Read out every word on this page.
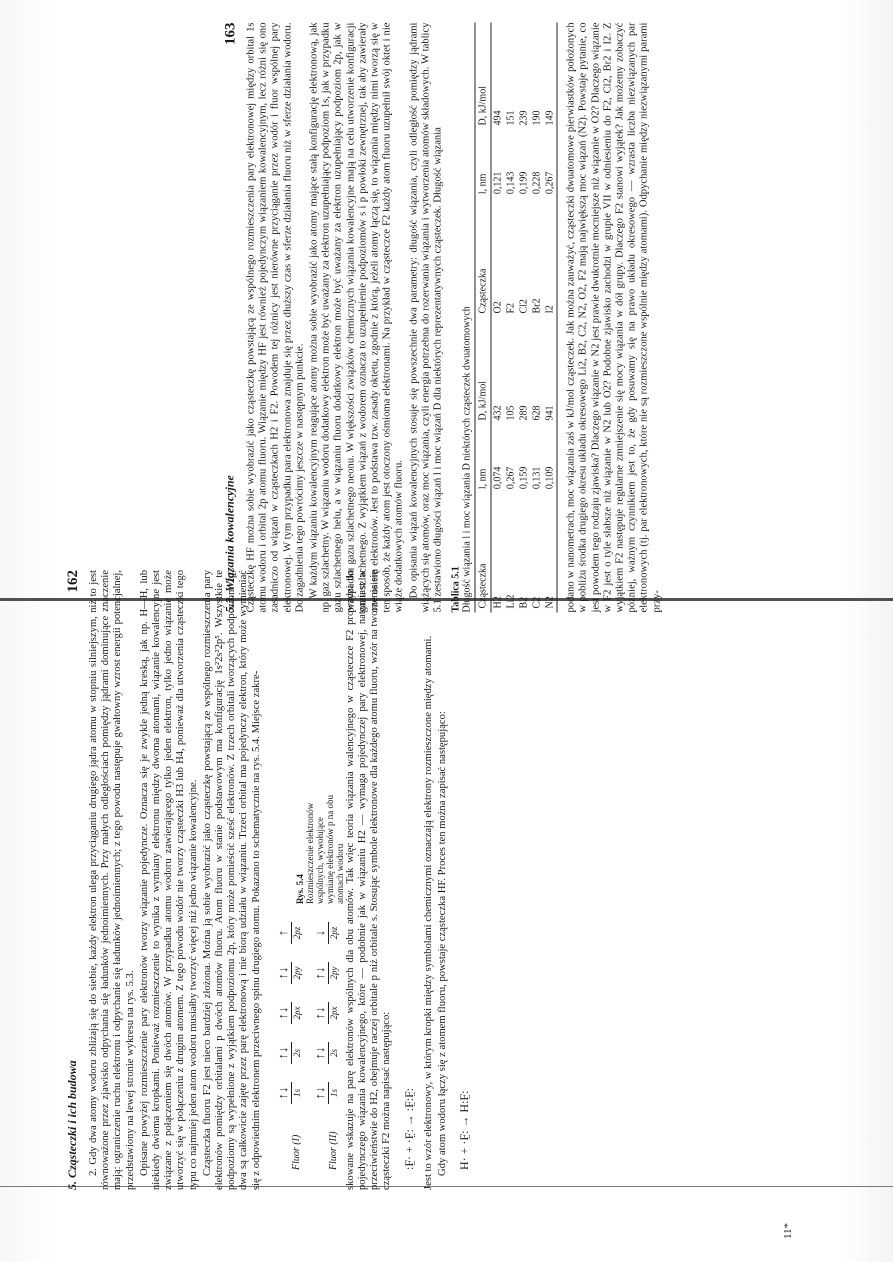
5. Cząsteczki i ich budowa
162 2. Gdy dwa atomy wodoru zbliżają się do siebie, każdy elektron ulega przyciąganiu drugiego jądra atomu w stopniu silniejszym, niż to jest równoważone przez zjawisko odpychania się ładunków jednoimiennych. Przy małych odległościach pomiędzy jądrami dominujące znaczenie mają: ograniczenie ruchu elektronu i odpychanie się ładunków jednoimiennych; z tego powodu następuje gwałtowny wzrost energii potencjalnej, przedstawiony na lewej stronie wykresu na rys. 5.3. Opisane powyżej rozmieszczenie pary elektronów tworzy wiązanie pojedyncze. Oznacza się je zwykle jedną kreską, jak np. H—H, lub niekiedy dwiema kropkami. Ponieważ rozmieszczenie to wynika z wymiany elektronu między dwoma atomami, wiązanie kowalencyjne jest związane z połączeniem się dwóch atomów. W przypadku atomu wodoru zawierającego tylko jeden elektron, tylko jedno wiązanie może utworzyć się w połączeniu z drugim atomem. Z tego powodu wodór nie tworzy cząsteczki H3 lub H4, ponieważ dla utworzenia cząsteczki tego typu co najmniej jeden atom wodoru musiałby tworzyć więcej niż jedno wiązanie kowalencyjne. Cząsteczka fluoru F2 jest nieco bardziej złożona. Można ją sobie wyobrazić jako cząsteczkę powstającą ze wspólnego rozmieszczenia pary elektronów pomiędzy orbitalami p dwóch atomów fluoru. Atom fluoru w stanie podstawowym ma konfigurację 1s²2s²2p⁵. Wszystkie te podpoziomy są wypełnione z wyjątkiem podpoziomu 2p, który może pomieścić sześć elektronów. Z trzech orbitali tworzących podpoziom 2p, dwa są całkowicie zajęte przez parę elektronową i nie biorą udziału w wiązaniu. Trzeci orbital ma pojedynczy elektron, który może wymieniać się z odpowiednim elektronem przeciwnego spinu drugiego atomu. Pokazano to schematycznie na rys. 5.4. Miejsce zakre-	Fluor (I)
↑↓ 1s
↑↓ 2s
↑↓ 2px
↑↓ 2py
↑ 2pz
Fluor (II)
↑↓ 1s
↑↓ 2s
↑↓ 2px
↑↓ 2py
↓ 2pz
Rys. 5.4 Rozmieszczenie elektronów wspólnych, wywołujące wymianę elektronów p na obu atomach wodoru skowane wskazuje na parę elektronów wspólnych dla obu atomów. Tak więc teoria wiązania walencyjnego w cząsteczce F2 prowadzi do pojedynczego wiązania kowalencyjnego, które — podobnie jak w wiązaniu H2 — wymaga pojedynczej pary elektronowej, natomiast w przeciwieństwie do H2, obejmuje raczej orbitale p niż orbitale s. Stosując symbole elektronowe dla każdego atomu fluoru, wzór na tworzenia się cząsteczki F2 można napisać następująco: :F̤· + ·F̤: → :F̤:F̤: Jest to wzór elektronowy, w którym kropki między symbolami chemicznymi oznaczają elektrony rozmieszczone między atomami. Gdy atom wodoru łączy się z atomem fluoru, powstaje cząsteczka HF. Proces ten można zapisać następująco: H· + ·F̤: → H:F̤:
5.3. Wiązania kowalencyjne
163 Cząsteczkę HF można sobie wyobrazić jako cząsteczkę powstającą ze wspólnego rozmieszczenia pary elektronowej między orbital 1s atomu wodoru i orbital 2p atomu fluoru. Wiązanie między HF jest również pojedynczym wiązaniem kowalencyjnym, lecz różni się ono zasadniczo od wiązań w cząsteczkach H2 i F2. Powodem tej różnicy jest nierówne przyciąganie przez wodór i fluor wspólnej pary elektronowej. W tym przypadku para elektronowa znajduje się przez dłuższy czas w sferze działania fluoru niż w sferze działania wodoru. Do zagadnienia tego powrócimy jeszcze w następnym punkcie. W każdym wiązaniu kowalencyjnym reagujące atomy można sobie wyobrazić jako atomy mające stałą konfigurację elektronową, jak np. gaz szlachetny. W wiązaniu wodoru dodatkowy elektron może być uważany za elektron uzupełniający podpoziom 1s, jak w przypadku gazu szlachetnego helu, a w wiązaniu fluoru dodatkowy elektron może być uważany za elektron uzupełniający podpoziom 2p, jak w przypadku gazu szlachetnego neonu. W większości związków chemicznych wiązania kowalencyjne mają na celu utworzenie konfiguracji gazu szlachetnego. Z wyjątkiem wiązań z wodorem oznacza to uzupełnienie podpoziomów s i p powłoki zewnętrznej, tak aby zawierały one osiem elektronów. Jest to podstawa tzw. zasady oktetu, zgodnie z którą, jeżeli atomy łączą się, to wiązania między nimi tworzą się w ten sposób, że każdy atom jest otoczony ośmioma elektronami. Na przykład w cząsteczce F2 każdy atom fluoru uzupełnił swój oktet i nie wiąże dodatkowych atomów fluoru. Do opisania wiązań kowalencyjnych stosuje się powszechnie dwa parametry: długość wiązania, czyli odległość pomiędzy jądrami wiążących się atomów, oraz moc wiązania, czyli energia potrzebna do rozerwania wiązania i wytworzenia atomów składowych. W tablicy 5.1 zestawiono długości wiązań l i moc wiązań D dla niektórych reprezentatywnych cząsteczek. Długość wiązania Tablica 5.1 Długość wiązania l i moc wiązania D niektórych cząsteczek dwuatomowych Cząsteczka	l, nm	D, kJ/mol	Cząsteczka	l, nm	D, kJ/mol
H2	0,074	432	O2	0,121	494
Li2	0,267	105	F2	0,143	151
B2	0,159	289	Cl2	0,199	239
C2	0,131	628	Br2	0,228	190
N2	0,109	941	I2	0,267	149 podano w nanometrach, moc wiązania zaś w kJ/mol cząsteczek. Jak można zauważyć, cząsteczki dwuatomowe pierwiastków położonych w pobliżu środka drugiego okresu układu okresowego Li2, B2, C2, N2, O2, F2 mają największą moc wiązań (N2). Powstaje pytanie, co jest powodem tego rodzaju zjawiska? Dlaczego wiązanie w N2 jest prawie dwukrotnie mocniejsze niż wiązanie w O2? Dlaczego wiązanie w F2 jest o tyle słabsze niż wiązanie w N2 lub O2? Podobne zjawisko zachodzi w grupie VII w odniesieniu do F2, Cl2, Br2 i I2. Z wyjątkiem F2 następuje regularne zmniejszenie się mocy wiązania w dół grupy. Dlaczego F2 stanowi wyjątek? Jak możemy zobaczyć później, ważnym czynnikiem jest to, że gdy posuwamy się na prawo układu okresowego — wzrasta liczba niezwiązanych par elektronowych (tj. par elektronowych, które nie są rozmieszczone wspólnie między atomami). Odpychanie między niezwiązanymi parami przy-

11*
